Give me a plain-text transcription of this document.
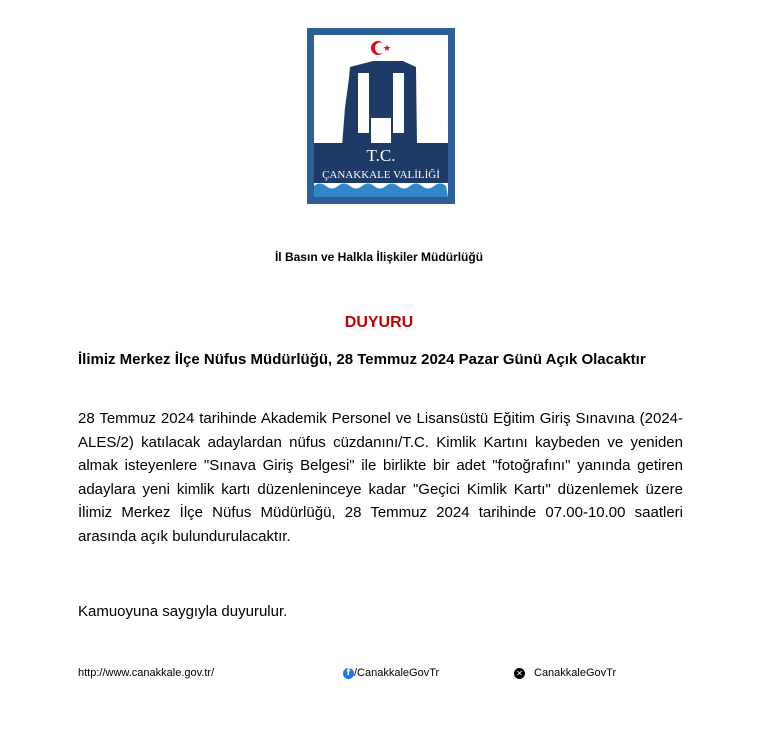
T.C.
ÇANAKKALE VALİLİĞİ
İl Basın ve Halkla İlişkiler Müdürlüğü
DUYURU
İlimiz Merkez İlçe Nüfus Müdürlüğü, 28 Temmuz 2024 Pazar Günü Açık Olacaktır
28 Temmuz 2024 tarihinde Akademik Personel ve Lisansüstü Eğitim Giriş Sınavına (2024-ALES/2) katılacak adaylardan nüfus cüzdanını/T.C. Kimlik Kartını kaybeden ve yeniden almak isteyenlere "Sınava Giriş Belgesi" ile birlikte bir adet "fotoğrafını" yanında getiren adaylara yeni kimlik kartı düzenleninceye kadar "Geçici Kimlik Kartı" düzenlemek üzere İlimiz Merkez İlçe Nüfus Müdürlüğü, 28 Temmuz 2024 tarihinde 07.00-10.00 saatleri arasında açık bulundurulacaktır.
Kamuoyuna saygıyla duyurulur.
http://www.canakkale.gov.tr/	f /CanakkaleGovTr	✕ CanakkaleGovTr
